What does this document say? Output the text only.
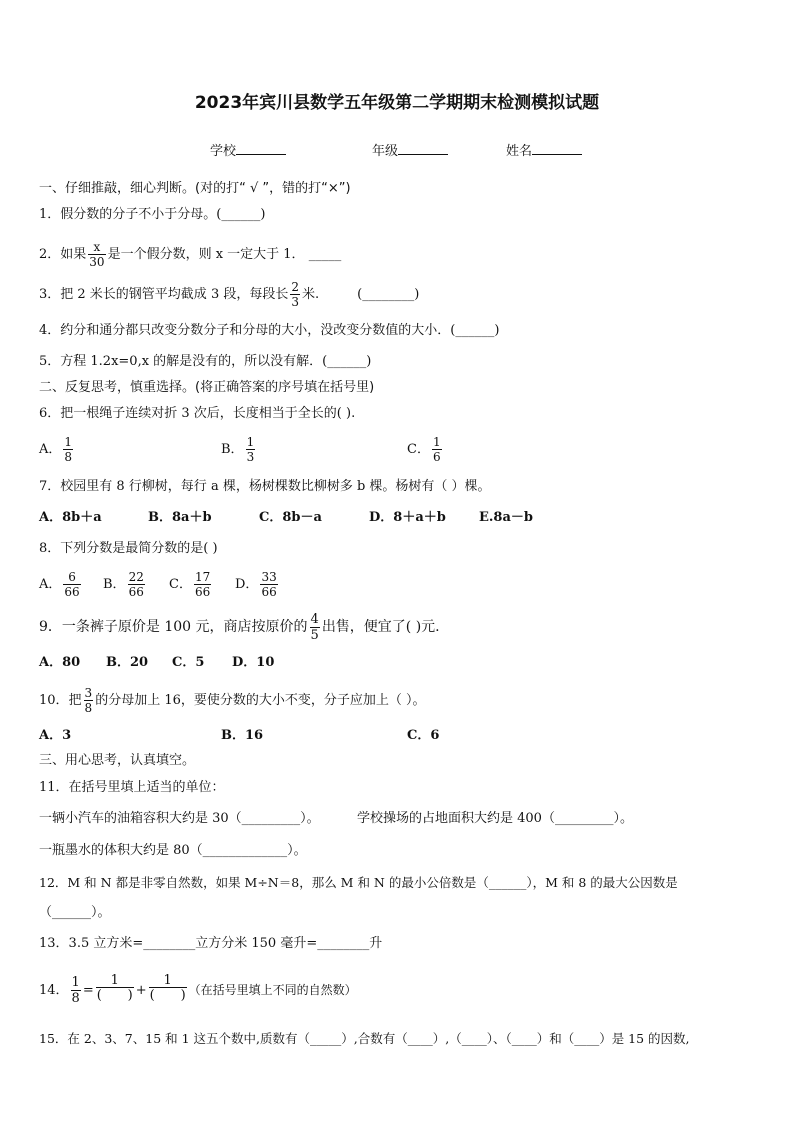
2023年宾川县数学五年级第二学期期末检测模拟试题
学校	年级	姓名
一、仔细推敲，细心判断。(对的打“ √ ”，错的打“×”)
1．假分数的分子不小于分母。(______)
2．如果 $\frac{x}{30}$ 是一个假分数，则 x 一定大于 1． _____
3．把 2 米长的钢管平均截成 3 段，每段长 $\frac{2}{3}$ 米.	(________)
4．约分和通分都只改变分数分子和分母的大小，没改变分数值的大小．(______)
5．方程 1.2x=0,x 的解是没有的，所以没有解．(______)
二、反复思考，慎重选择。(将正确答案的序号填在括号里)
6．把一根绳子连续对折 3 次后，长度相当于全长的( ).
A． $\frac{1}{8}$	B． $\frac{1}{3}$	C． $\frac{1}{6}$
7．校园里有 8 行柳树，每行 a 棵，杨树棵数比柳树多 b 棵。杨树有（ ）棵。
A．8b＋a	B．8a＋b	C．8b－a	D．8＋a＋b	E.8a－b
8．下列分数是最简分数的是( )
A． $\frac{6}{66}$ B． $\frac{22}{66}$ C． $\frac{17}{66}$ D． $\frac{33}{66}$
9．一条裤子原价是 100 元，商店按原价的 $\frac{4}{5}$ 出售，便宜了( )元.
A．80 B．20 C．5 D．10
10．把 $\frac{3}{8}$ 的分母加上 16，要使分数的大小不变，分子应加上（ ）。
A．3	B．16	C．6
三、用心思考，认真填空。
11．在括号里填上适当的单位：
一辆小汽车的油箱容积大约是 30（_________）。	学校操场的占地面积大约是 400（_________）。
一瓶墨水的体积大约是 80（_____________）。
12．M 和 N 都是非零自然数，如果 M÷N＝8，那么 M 和 N 的最小公倍数是（______），M 和 8 的最大公因数是
（______）。
13．3.5 立方米=________立方分米 150 毫升=________升
14． $\frac{1}{8}$ =
1
( )
+
1
( )
（在括号里填上不同的自然数）
15．在 2、3、7、15 和 1 这五个数中,质数有（_____）,合数有（____）,（____）、（____）和（____）是 15 的因数,
